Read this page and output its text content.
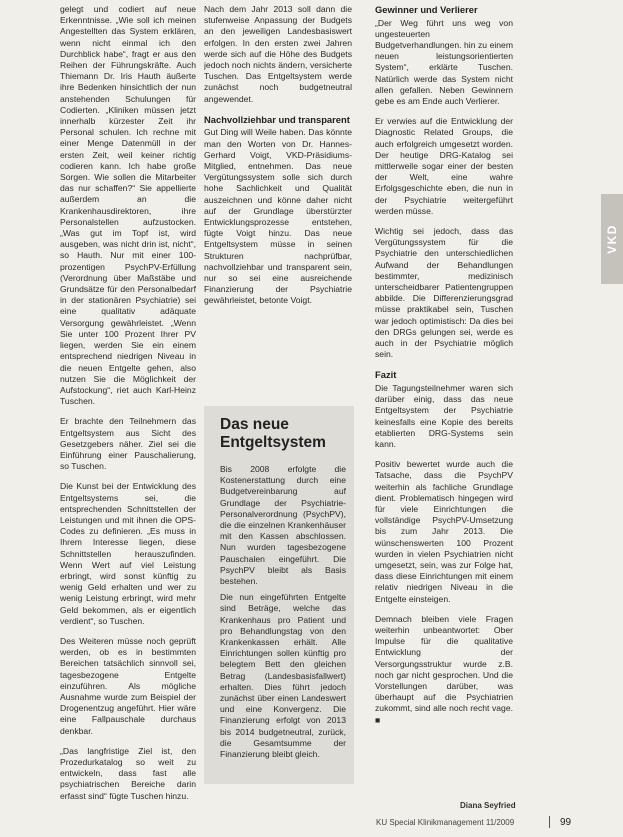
gelegt und codiert auf neue Erkenntnisse. „Wie soll ich meinen Angestellten das System erklären, wenn nicht einmal ich den Durchblick habe“, fragt er aus den Reihen der Führungskräfte. Auch Thiemann Dr. Iris Hauth äußerte ihre Bedenken hinsichtlich der nun anstehenden Schulungen für Codierten. „Kliniken müssen jetzt innerhalb kürzester Zeit ihr Personal schulen. Ich rechne mit einer Menge Datenmüll in der ersten Zeit, weil keiner richtig codieren kann. Ich habe große Sorgen. Wie sollen die Mitarbeiter das nur schaffen?“ Sie appellierte außerdem an die Krankenhausdirektoren, ihre Personalstellen aufzustocken. „Was gut im Topf ist, wird ausgeben, was nicht drin ist, nicht“, so Hauth. Nur mit einer 100-prozentigen PsychPV-Erfüllung (Verordnung über Maßstäbe und Grundsätze für den Personalbedarf in der stationären Psychiatrie) sei eine qualitativ adäquate Versorgung gewährleistet. „Wenn Sie unter 100 Prozent Ihrer PV liegen, werden Sie ein einem entsprechend niedrigen Niveau in die neuen Entgelte gehen, also nutzen Sie die Möglichkeit der Aufstockung“, riet auch Karl-Heinz Tuschen.

Er brachte den Teilnehmern das Entgeltsystem aus Sicht des Gesetzgebers näher. Ziel sei die Einführung einer Pauschalierung, so Tuschen.

Die Kunst bei der Entwicklung des Entgeltsystems sei, die entsprechenden Schnittstellen der Leistungen und mit ihnen die OPS-Codes zu definieren. „Es muss in Ihrem Interesse liegen, diese Schnittstellen herauszufinden. Wenn Wert auf viel Leistung erbringt, wird sonst künftig zu wenig Geld erhalten und wer zu wenig Leistung erbringt, wird mehr Geld bekommen, als er eigentlich verdient“, so Tuschen.

Des Weiteren müsse noch geprüft werden, ob es in bestimmten Bereichen tatsächlich sinnvoll sei, tagesbezogene Entgelte einzuführen. Als mögliche Ausnahme wurde zum Beispiel der Drogenentzug angeführt. Hier wäre eine Fallpauschale durchaus denkbar.

„Das langfristige Ziel ist, den Prozedurkatalog so weit zu entwickeln, dass fast alle psychiatrischen Bereiche darin erfasst sind“ fügte Tuschen hinzu.

Nach dem Jahr 2013 soll dann die stufenweise Anpassung der Budgets an den jeweiligen Landesbasiswert erfolgen. In den ersten zwei Jahren werde sich auf die Höhe des Budgets jedoch noch nichts ändern, versicherte Tuschen. Das Entgeltsystem werde zunächst noch budgetneutral angewendet.

Nachvollziehbar und transparent

Gut Ding will Weile haben. Das könnte man den Worten von Dr. Hannes-Gerhard Voigt, VKD-Präsidiums-Mitglied, entnehmen. Das neue Vergütungssystem solle sich durch hohe Sachlichkeit und Qualität auszeichnen und könne daher nicht auf der Grundlage überstürzter Entwicklungsprozesse entstehen, fügte Voigt hinzu. Das neue Entgeltsystem müsse in seinen Strukturen nachprüfbar, nachvollziehbar und transparent sein, nur so sei eine ausreichende Finanzierung der Psychiatrie gewährleistet, betonte Voigt.

Das neue Entgeltsystem

Bis 2008 erfolgte die Kostenerstattung durch eine Budgetvereinbarung auf Grundlage der Psychiatrie-Personalverordnung (PsychPV), die die einzelnen Krankenhäuser mit den Kassen abschlossen. Nun wurden tagesbezogene Pauschalen eingeführt. Die PsychPV bleibt als Basis bestehen.

Die nun eingeführten Entgelte sind Beträge, welche das Krankenhaus pro Patient und pro Behandlungstag von den Krankenkassen erhält. Alle Einrichtungen sollen künftig pro belegtem Bett den gleichen Betrag (Landesbasisfallwert) erhalten. Dies führt jedoch zunächst über einen Landeswert und eine Konvergenz. Die Finanzierung erfolgt von 2013 bis 2014 budgetneutral, zurück, die Gesamtsumme der Finanzierung bleibt gleich.

Gewinner und Verlierer

„Der Weg führt uns weg von ungesteuerten Budgetverhandlungen. hin zu einem neuen leistungsorientierten System“, erklärte Tuschen. Natürlich werde das System nicht allen gefallen. Neben Gewinnern gebe es am Ende auch Verlierer.

Er verwies auf die Entwicklung der Diagnostic Related Groups, die auch erfolgreich umgesetzt worden. Der heutige DRG-Katalog sei mittlerweile sogar einer der besten der Welt, eine wahre Erfolgsgeschichte eben, die nun in der Psychiatrie weitergeführt werden müsse.

Wichtig sei jedoch, dass das Vergütungssystem für die Psychiatrie den unterschiedlichen Aufwand der Behandlungen bestimmter, medizinisch unterscheidbarer Patientengruppen abbilde. Die Differenzierungsgrad müsse praktikabel sein, Tuschen war jedoch optimistisch: Da dies bei den DRGs gelungen sei, werde es auch in der Psychiatrie möglich sein.

Fazit

Die Tagungsteilnehmer waren sich darüber einig, dass das neue Entgeltsystem der Psychiatrie keinesfalls eine Kopie des bereits etablierten DRG-Systems sein kann.

Positiv bewertet wurde auch die Tatsache, dass die PsychPV weiterhin als fachliche Grundlage dient. Problematisch hingegen wird für viele Einrichtungen die vollständige PsychPV-Umsetzung bis zum Jahr 2013. Die wünschenswerten 100 Prozent wurden in vielen Psychiatrien nicht umgesetzt, sein, was zur Folge hat, dass diese Einrichtungen mit einem relativ niedrigen Niveau in die Entgelte einsteigen.

Demnach bleiben viele Fragen weiterhin unbeantwortet: Ober Impulse für die qualitative Entwicklung der Versorgungsstruktur wurde z.B. noch gar nicht gesprochen. Und die Vorstellungen darüber, was überhaupt auf die Psychiatrien zukommt, sind alle noch recht vage. ■

VKD
Diana Seyfried
KU Special Klinikmanagement 11/2009	99
